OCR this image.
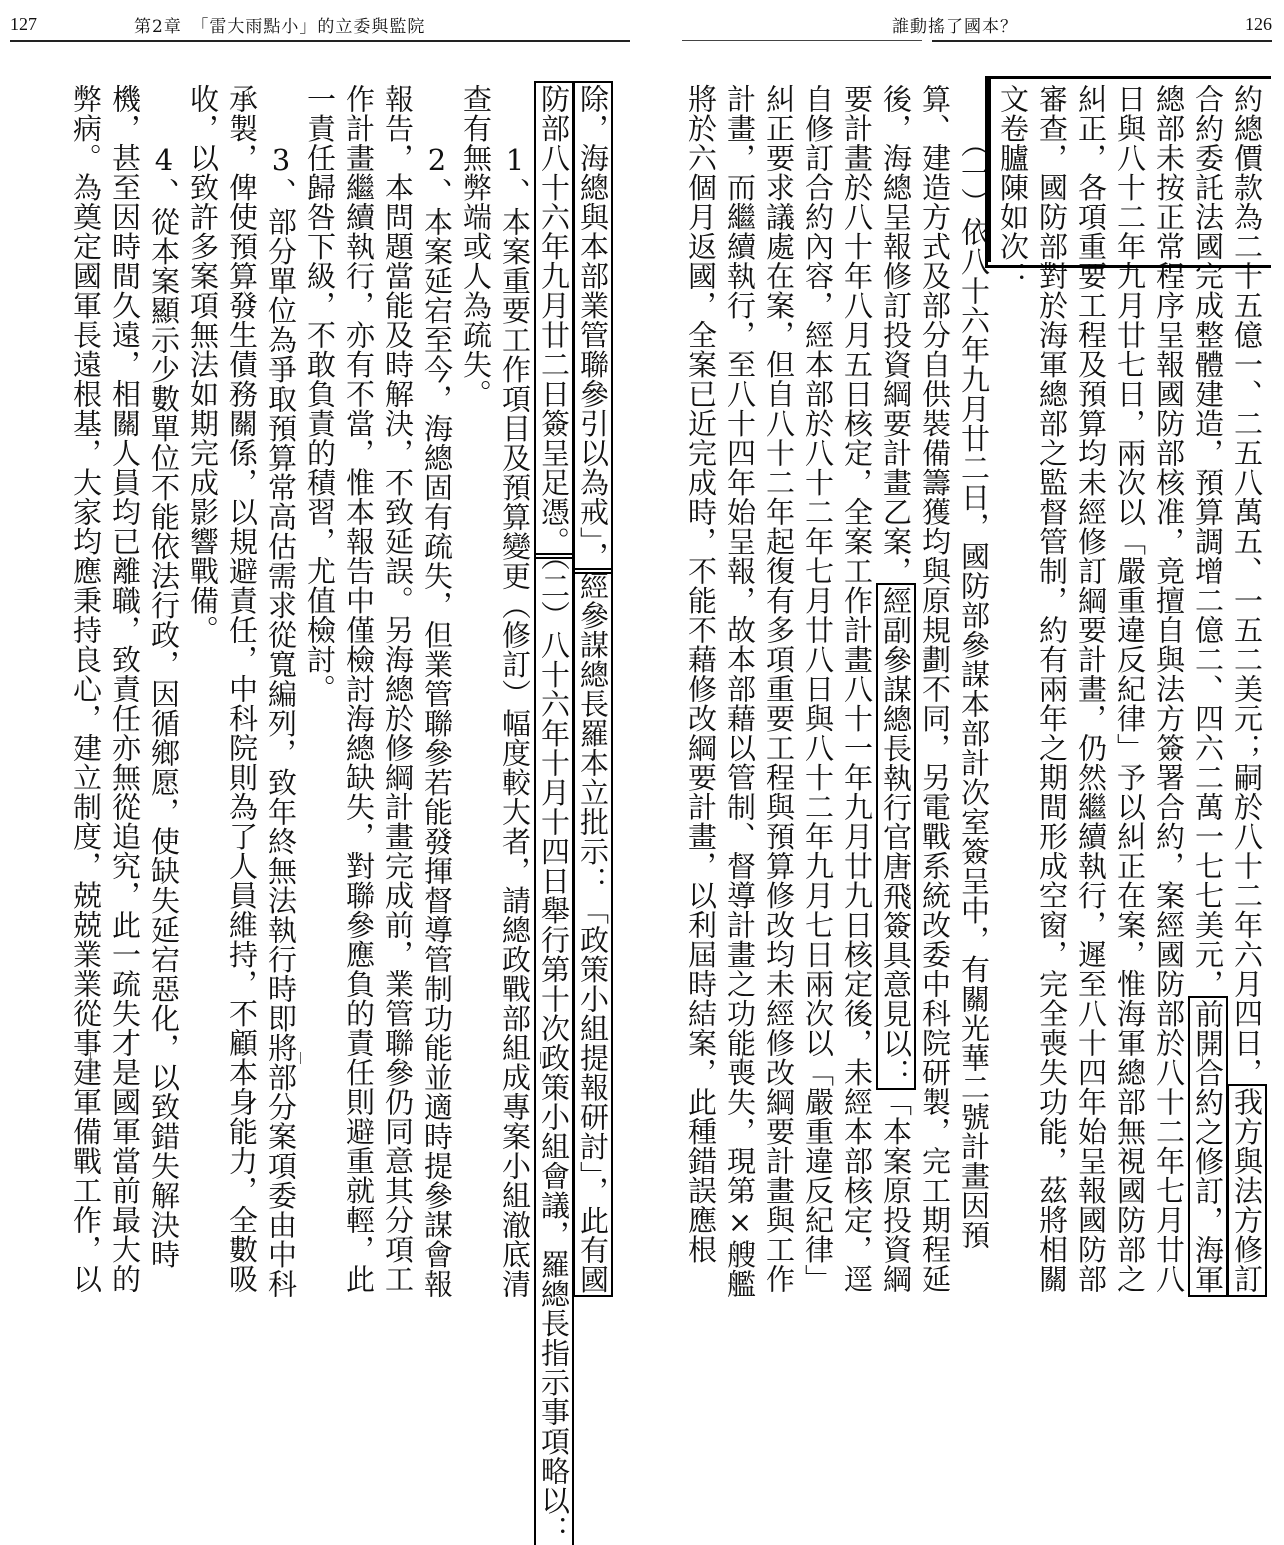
127	第2章　「雷大雨點小」的立委與監院
除，海總與本部業管聯參引以為戒」，經參謀總長羅本立批示：「政策小組提報研討」，此有國
防部八十六年九月廿二日簽呈足憑。（二）八十六年十月十四日舉行第十次政策小組會議，羅總長指示事項略以：
　　1、本案重要工作項目及預算變更（修訂）幅度較大者，請總政戰部組成專案小組澈底清
查有無弊端或人為疏失。
　　2、本案延宕至今，海總固有疏失，但業管聯參若能發揮督導管制功能並適時提參謀會報
報告，本問題當能及時解決，不致延誤。另海總於修綱計畫完成前，業管聯參仍同意其分項工
作計畫繼續執行，亦有不當，惟本報告中僅檢討海總缺失，對聯參應負的責任則避重就輕，此
一責任歸咎下級，不敢負責的積習，尤值檢討。
　　3、部分單位為爭取預算常高估需求從寬編列，致年終無法執行時即將部分案項委由中科
承製，俾使預算發生債務關係，以規避責任，中科院則為了人員維持，不顧本身能力，全數吸
收，以致許多案項無法如期完成影響戰備。
　　4、從本案顯示少數單位不能依法行政，因循鄉愿，使缺失延宕惡化，以致錯失解決時
機，甚至因時間久遠，相關人員均已離職，致責任亦無從追究，此一疏失才是國軍當前最大的
弊病。為奠定國軍長遠根基，大家均應秉持良心，建立制度，兢兢業業從事建軍備戰工作，以
誰動搖了國本？	126
約總價款為二十五億一、二五八萬五、一五二美元；嗣於八十二年六月四日，我方與法方修訂
合約委託法國完成整體建造，預算調增二億二、四六二萬一七七美元，前開合約之修訂，海軍
總部未按正常程序呈報國防部核准，竟擅自與法方簽署合約，案經國防部於八十二年七月廿八
日與八十二年九月廿七日，兩次以「嚴重違反紀律」予以糾正在案，惟海軍總部無視國防部之
糾正，各項重要工程及預算均未經修訂綱要計畫，仍然繼續執行，遲至八十四年始呈報國防部
審查，國防部對於海軍總部之監督管制，約有兩年之期間形成空窗，完全喪失功能，茲將相關
文卷臚陳如次：
　　（一）依八十六年九月廿二日，國防部參謀本部計次室簽呈中，有關光華二號計畫因預
算、建造方式及部分自供裝備籌獲均與原規劃不同，另電戰系統改委中科院研製，完工期程延
後，海總呈報修訂投資綱要計畫乙案，經副參謀總長執行官唐飛簽具意見以：「本案原投資綱
要計畫於八十年八月五日核定，全案工作計畫八十一年九月廿九日核定後，未經本部核定，逕
自修訂合約內容，經本部於八十二年七月廿八日與八十二年九月七日兩次以「嚴重違反紀律」
糾正要求議處在案，但自八十二年起復有多項重要工程與預算修改均未經修改綱要計畫與工作
計畫，而繼續執行，至八十四年始呈報，故本部藉以管制、督導計畫之功能喪失，現第×艘艦
將於六個月返國，全案已近完成時，不能不藉修改綱要計畫，以利屆時結案，此種錯誤應根
